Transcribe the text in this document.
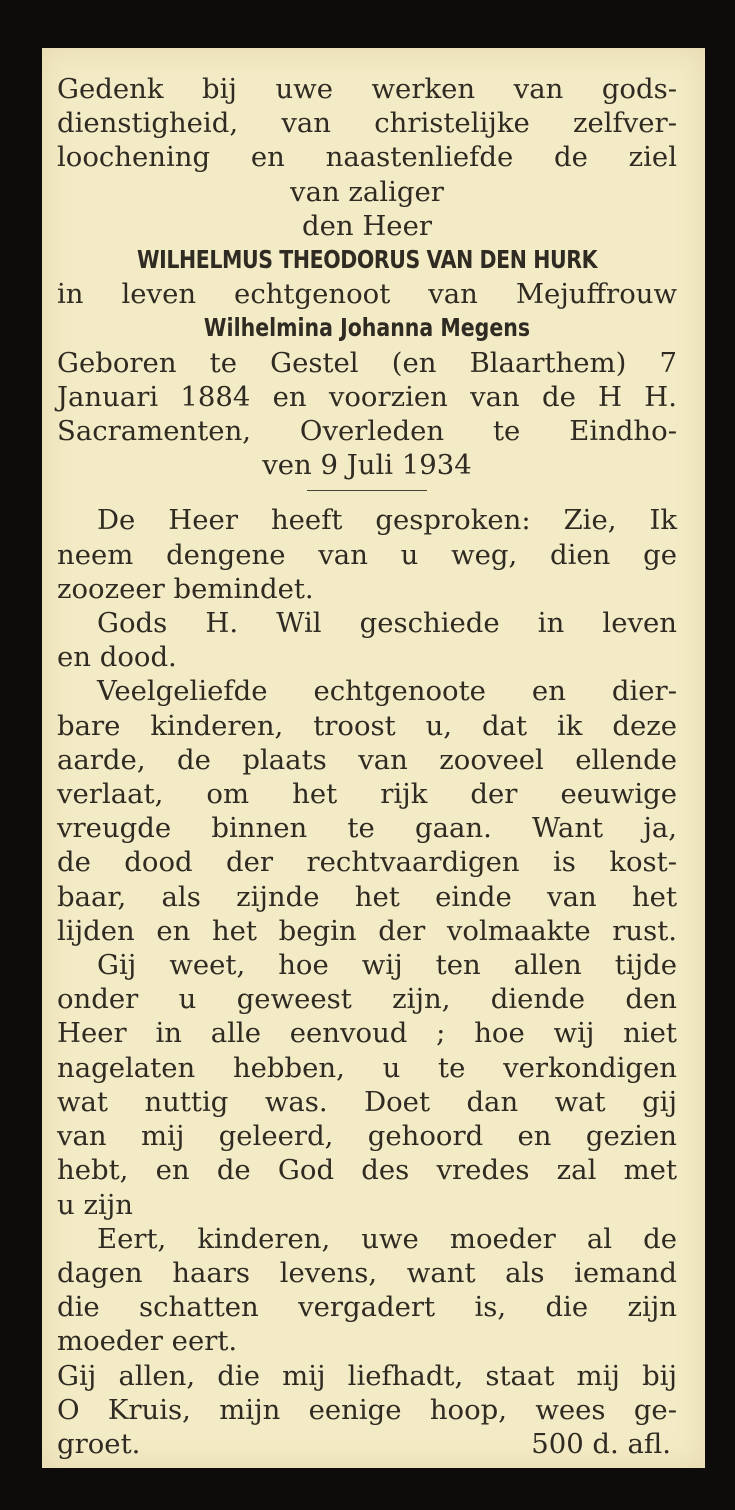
Gedenk bij uwe werken van gods-
dienstigheid, van christelijke zelfver-
loochening en naastenliefde de ziel
van zaliger
den Heer
WILHELMUS THEODORUS VAN DEN HURK
in leven echtgenoot van Mejuffrouw
Wilhelmina Johanna Megens
Geboren te Gestel (en Blaarthem) 7
Januari 1884 en voorzien van de H H.
Sacramenten, Overleden te Eindho-
ven 9 Juli 1934
De Heer heeft gesproken: Zie, Ik
neem dengene van u weg, dien ge
zoozeer bemindet.
Gods H. Wil geschiede in leven
en dood.
Veelgeliefde echtgenoote en dier-
bare kinderen, troost u, dat ik deze
aarde, de plaats van zooveel ellende
verlaat, om het rijk der eeuwige
vreugde binnen te gaan. Want ja,
de dood der rechtvaardigen is kost-
baar, als zijnde het einde van het
lijden en het begin der volmaakte rust.
Gij weet, hoe wij ten allen tijde
onder u geweest zijn, diende den
Heer in alle eenvoud ; hoe wij niet
nagelaten hebben, u te verkondigen
wat nuttig was. Doet dan wat gij
van mij geleerd, gehoord en gezien
hebt, en de God des vredes zal met
u zijn
Eert, kinderen, uwe moeder al de
dagen haars levens, want als iemand
die schatten vergadert is, die zijn
moeder eert.
Gij allen, die mij liefhadt, staat mij bij
O Kruis, mijn eenige hoop, wees ge-
groet.	500 d. afl.
